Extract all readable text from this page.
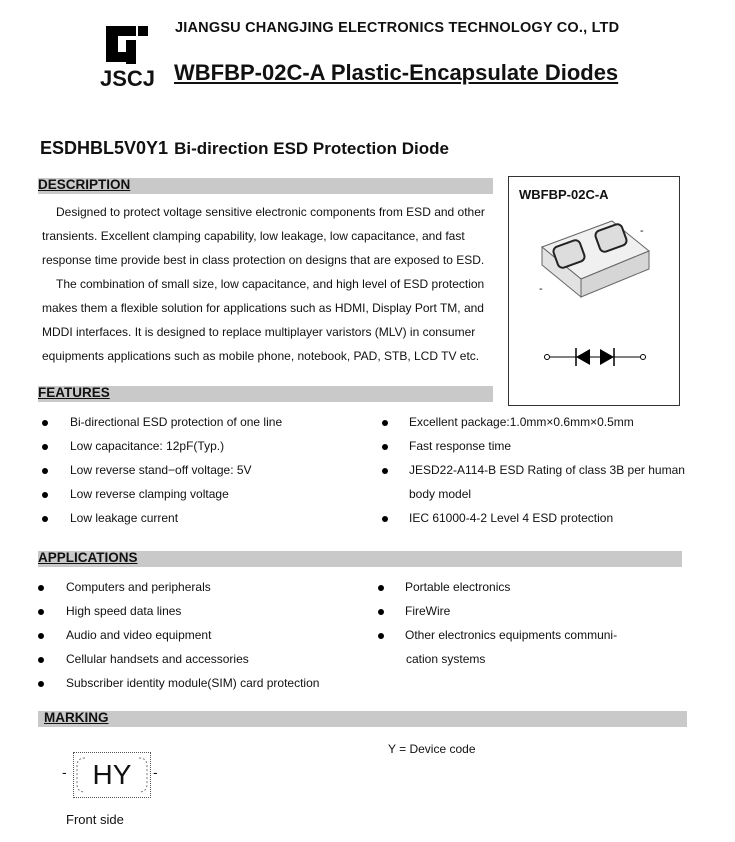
JSCJ
JIANGSU CHANGJING ELECTRONICS TECHNOLOGY CO., LTD
WBFBP-02C-A Plastic-Encapsulate Diodes
ESDHBL5V0Y1 Bi-direction ESD Protection Diode
DESCRIPTION

Designed to protect voltage sensitive electronic components from ESD and other transients. Excellent clamping capability, low leakage, low capacitance, and fast response time provide best in class protection on designs that are exposed to ESD.

The combination of small size, low capacitance, and high level of ESD protection makes them a flexible solution for applications such as HDMI, Display Port TM, and MDDI interfaces. It is designed to replace multiplayer varistors (MLV) in consumer equipments applications such as mobile phone, notebook, PAD, STB, LCD TV etc.

WBFBP-02C-A
-
-
FEATURES
Bi-directional ESD protection of one line
Low capacitance: 12pF(Typ.)
Low reverse stand−off voltage: 5V
Low reverse clamping voltage
Low leakage current
Excellent package:1.0mm×0.6mm×0.5mm
Fast response time
JESD22-A114-B ESD Rating of class 3B per human
body model
IEC 61000-4-2 Level 4 ESD protection
APPLICATIONS
Computers and peripherals
High speed data lines
Audio and video equipment
Cellular handsets and accessories
Subscriber identity module(SIM) card protection
Portable electronics
FireWire
Other electronics equipments communi-
cation systems
MARKING
Y = Device code
- HY	-
Front side
